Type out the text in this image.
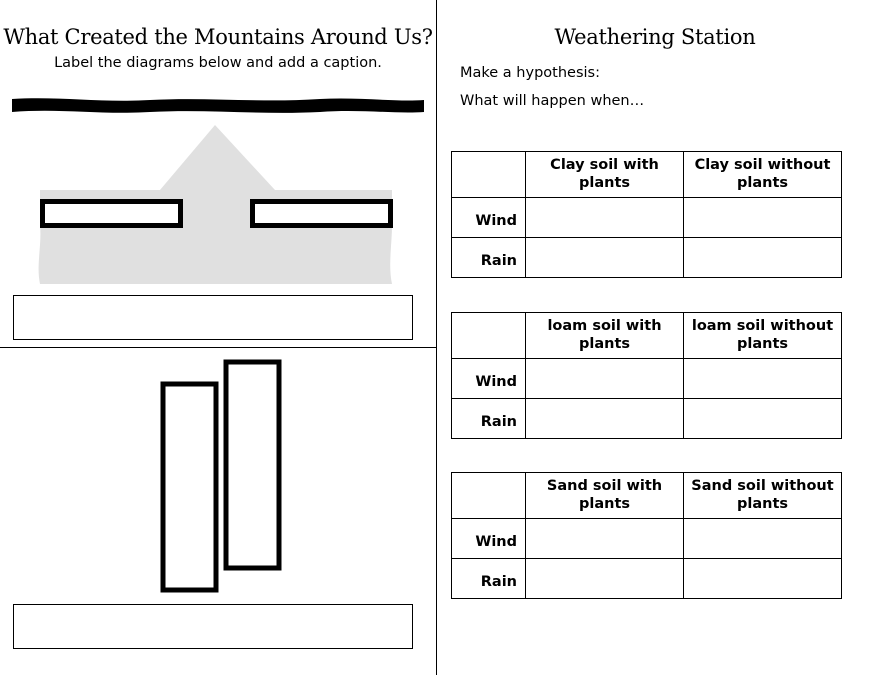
What Created the Mountains Around Us?
Label the diagrams below and add a caption.
Weathering Station
Make a hypothesis:
What will happen when…
	Clay soil with plants	Clay soil without plants
Wind		
Rain		
	loam soil with plants	loam soil without plants
Wind		
Rain		
	Sand soil with plants	Sand soil without plants
Wind		
Rain		
